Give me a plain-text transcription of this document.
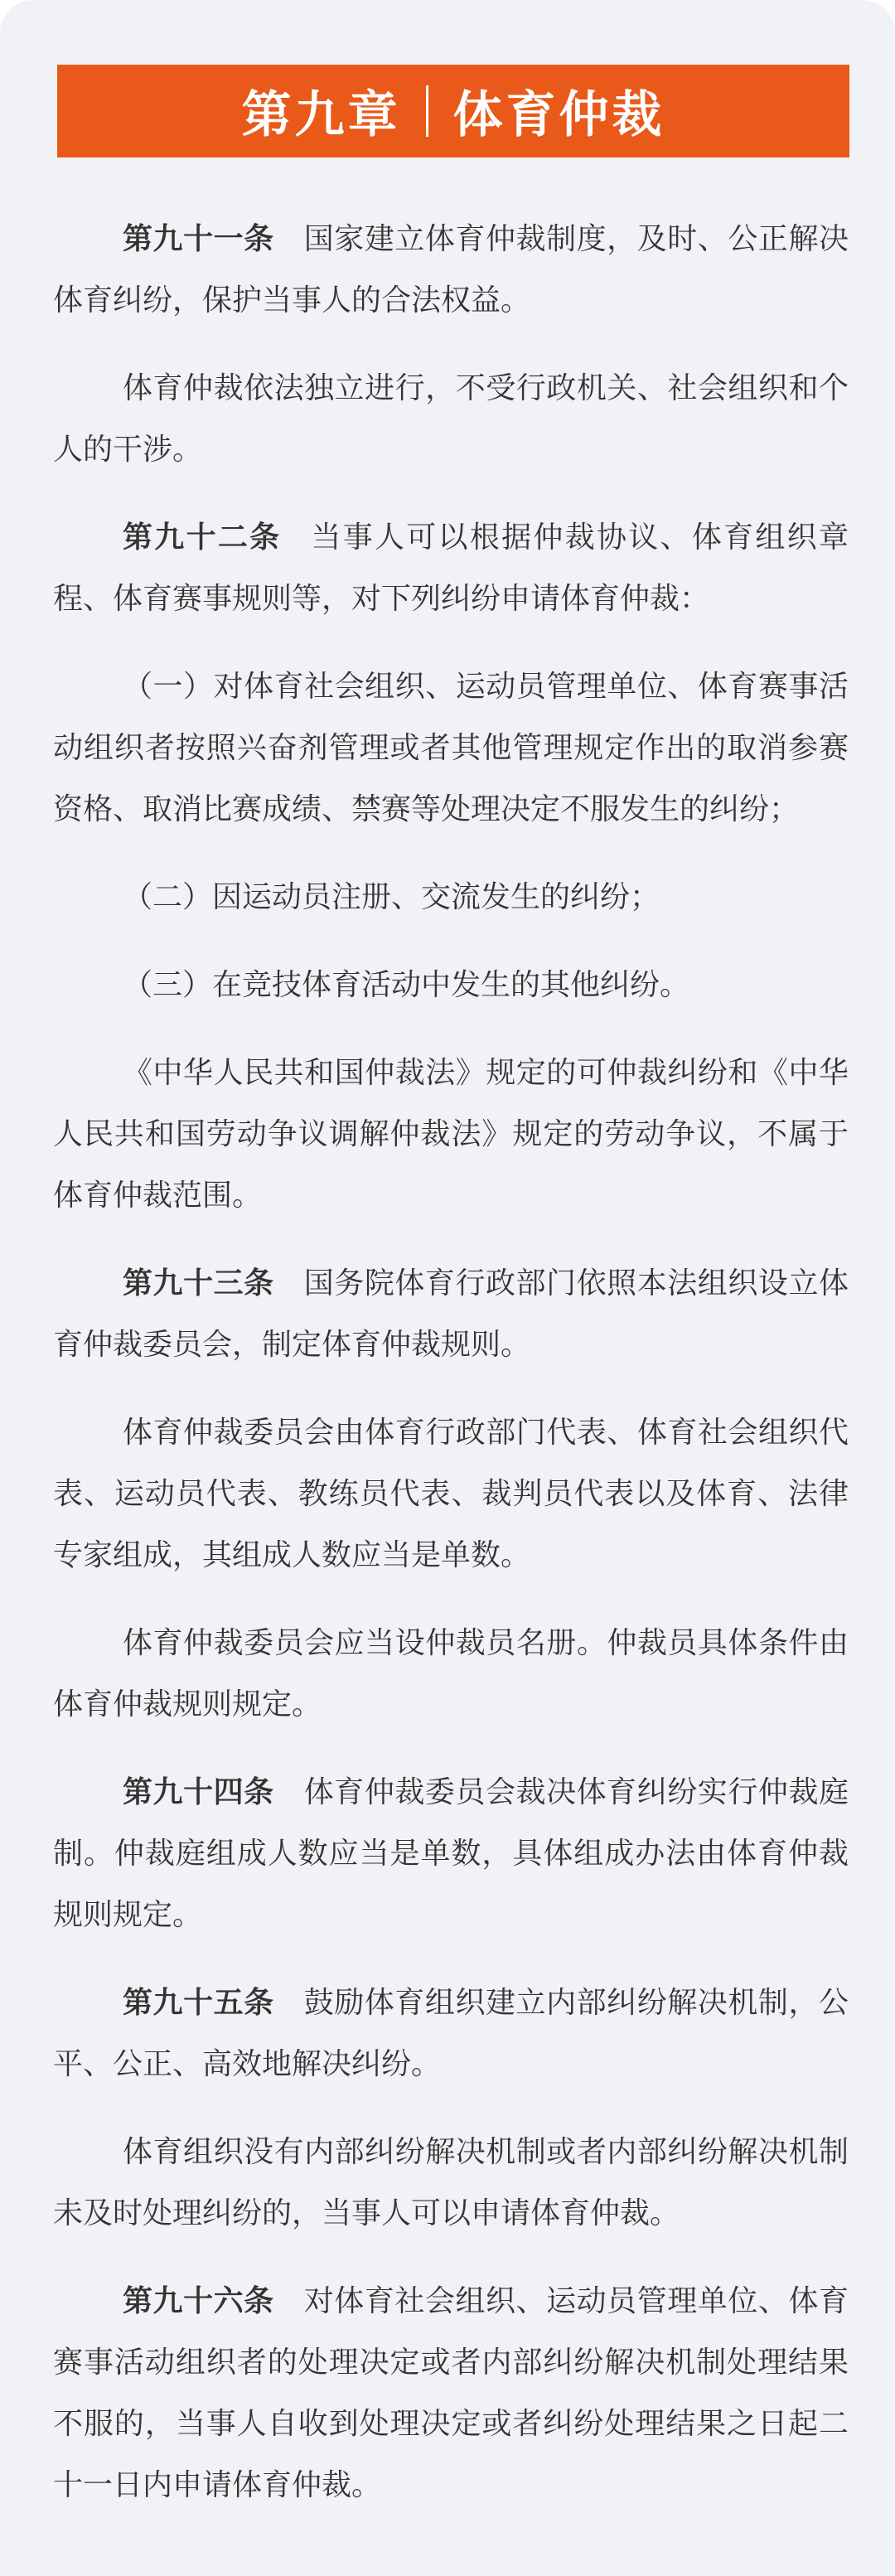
第九章 体育仲裁

第九十一条 国家建立体育仲裁制度，及时、公正解决体育纠纷，保护当事人的合法权益。

体育仲裁依法独立进行，不受行政机关、社会组织和个人的干涉。

第九十二条 当事人可以根据仲裁协议、体育组织章程、体育赛事规则等，对下列纠纷申请体育仲裁：

（一）对体育社会组织、运动员管理单位、体育赛事活动组织者按照兴奋剂管理或者其他管理规定作出的取消参赛资格、取消比赛成绩、禁赛等处理决定不服发生的纠纷；

（二）因运动员注册、交流发生的纠纷；

（三）在竞技体育活动中发生的其他纠纷。

《中华人民共和国仲裁法》规定的可仲裁纠纷和《中华人民共和国劳动争议调解仲裁法》规定的劳动争议，不属于体育仲裁范围。

第九十三条 国务院体育行政部门依照本法组织设立体育仲裁委员会，制定体育仲裁规则。

体育仲裁委员会由体育行政部门代表、体育社会组织代表、运动员代表、教练员代表、裁判员代表以及体育、法律专家组成，其组成人数应当是单数。

体育仲裁委员会应当设仲裁员名册。仲裁员具体条件由体育仲裁规则规定。

第九十四条 体育仲裁委员会裁决体育纠纷实行仲裁庭制。仲裁庭组成人数应当是单数，具体组成办法由体育仲裁规则规定。

第九十五条 鼓励体育组织建立内部纠纷解决机制，公平、公正、高效地解决纠纷。

体育组织没有内部纠纷解决机制或者内部纠纷解决机制未及时处理纠纷的，当事人可以申请体育仲裁。

第九十六条 对体育社会组织、运动员管理单位、体育赛事活动组织者的处理决定或者内部纠纷解决机制处理结果不服的，当事人自收到处理决定或者纠纷处理结果之日起二十一日内申请体育仲裁。
